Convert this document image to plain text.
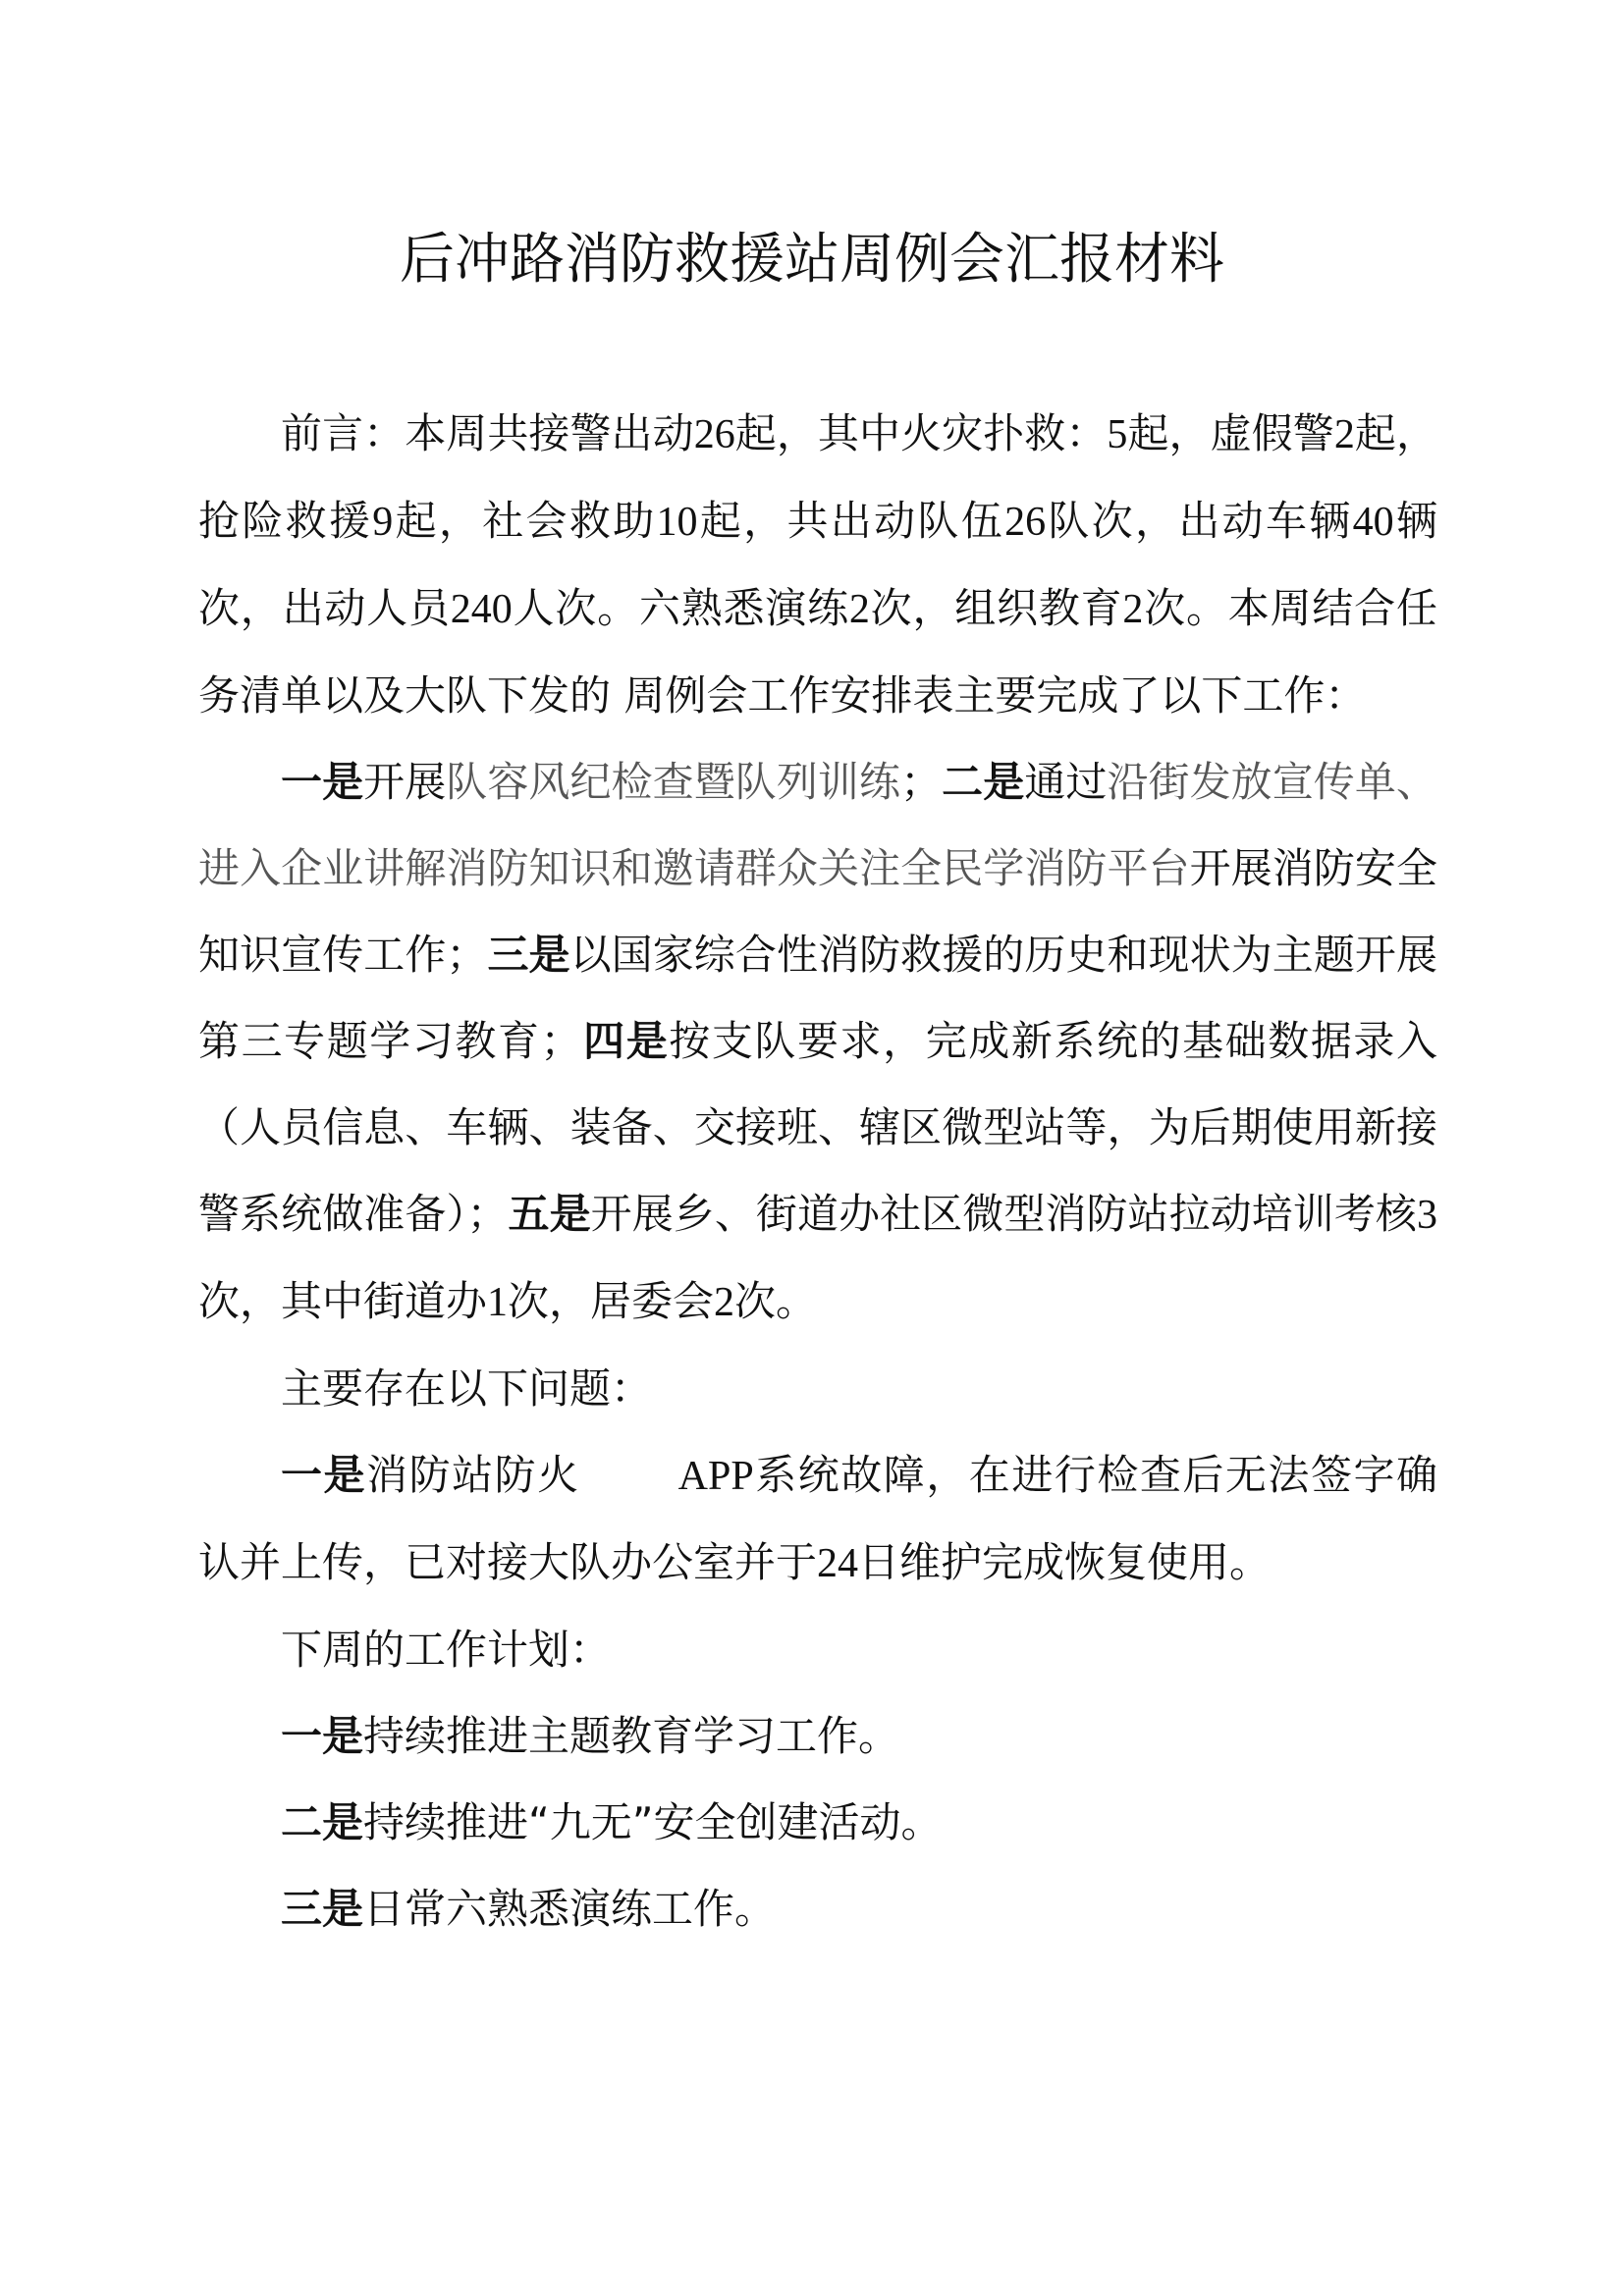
后冲路消防救援站周例会汇报材料

前言：本周共接警出动26起，其中火灾扑救：5起，虚假警2起，抢险救援9起，社会救助10起，共出动队伍26队次，出动车辆40辆次，出动人员240人次。六熟悉演练2次，组织教育2次。本周结合任务清单以及大队下发的 周例会工作安排表主要完成了以下工作：

一是开展队容风纪检查暨队列训练；二是通过沿街发放宣传单、进入企业讲解消防知识和邀请群众关注全民学消防平台开展消防安全知识宣传工作；三是以国家综合性消防救援的历史和现状为主题开展第三专题学习教育；四是按支队要求，完成新系统的基础数据录入（人员信息、车辆、装备、交接班、辖区微型站等，为后期使用新接警系统做准备）；五是开展乡、街道办社区微型消防站拉动培训考核3次，其中街道办1次，居委会2次。

主要存在以下问题：

一是消防站防火 APP系统故障，在进行检查后无法签字确认并上传，已对接大队办公室并于24日维护完成恢复使用。

下周的工作计划：

一是持续推进主题教育学习工作。

二是持续推进“九无”安全创建活动。

三是日常六熟悉演练工作。
